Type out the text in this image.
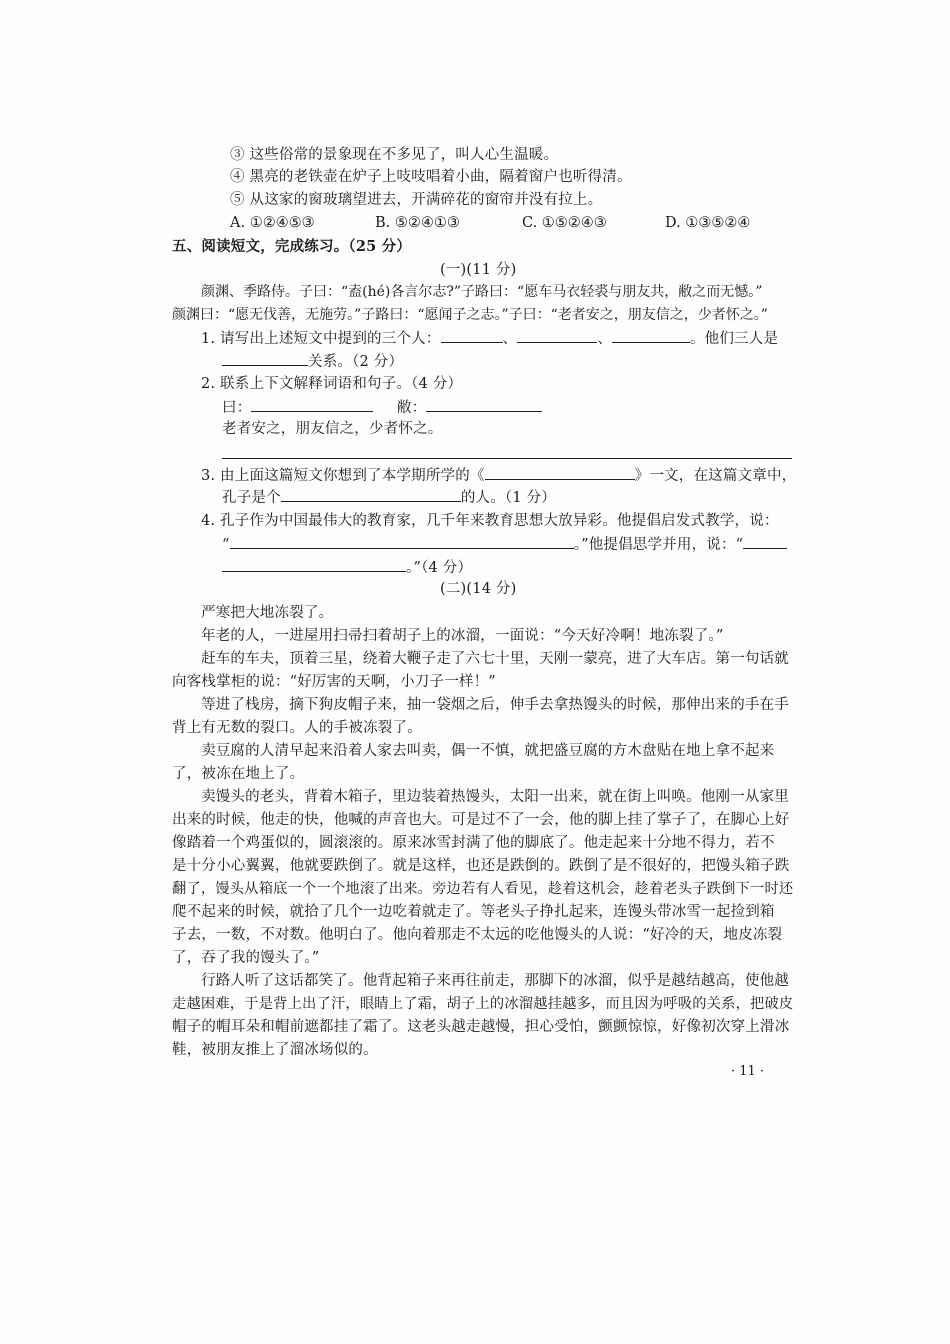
③ 这些俗常的景象现在不多见了，叫人心生温暖。
④ 黑亮的老铁壶在炉子上吱吱唱着小曲，隔着窗户也听得清。
⑤ 从这家的窗玻璃望进去，开满碎花的窗帘并没有拉上。
A. ①②④⑤③	B. ⑤②④①③	C. ①⑤②④③	D. ①③⑤②④
五、阅读短文，完成练习。（25 分）
(一)(11 分)
颜渊、季路侍。子曰：“盍(hé)各言尔志?”子路曰：“愿车马衣轻裘与朋友共，敝之而无憾。”
颜渊曰：“愿无伐善，无施劳。”子路曰：“愿闻子之志。”子曰：“老者安之，朋友信之，少者怀之。”
1. 请写出上述短文中提到的三个人：	、	、	。他们三人是
关系。（2 分）
2. 联系上下文解释词语和句子。（4 分）
曰：	敝：
老者安之，朋友信之，少者怀之。
3. 由上面这篇短文你想到了本学期所学的《	》一文，在这篇文章中，
孔子是个	的人。（1 分）
4. 孔子作为中国最伟大的教育家，几千年来教育思想大放异彩。他提倡启发式教学，说：
“	。”他提倡思学并用，说：“
。”（4 分）
(二)(14 分)
严寒把大地冻裂了。
年老的人，一进屋用扫帚扫着胡子上的冰溜，一面说：“今天好冷啊！地冻裂了。”
赶车的车夫，顶着三星，绕着大鞭子走了六七十里，天刚一蒙亮，进了大车店。第一句话就
向客栈掌柜的说：“好厉害的天啊，小刀子一样！”
等进了栈房，摘下狗皮帽子来，抽一袋烟之后，伸手去拿热馒头的时候，那伸出来的手在手
背上有无数的裂口。人的手被冻裂了。
卖豆腐的人清早起来沿着人家去叫卖，偶一不慎，就把盛豆腐的方木盘贴在地上拿不起来
了，被冻在地上了。
卖馒头的老头，背着木箱子，里边装着热馒头，太阳一出来，就在街上叫唤。他刚一从家里
出来的时候，他走的快，他喊的声音也大。可是过不了一会，他的脚上挂了掌子了，在脚心上好
像踏着一个鸡蛋似的，圆滚滚的。原来冰雪封满了他的脚底了。他走起来十分地不得力，若不
是十分小心翼翼，他就要跌倒了。就是这样，也还是跌倒的。跌倒了是不很好的，把馒头箱子跌
翻了，馒头从箱底一个一个地滚了出来。旁边若有人看见，趁着这机会，趁着老头子跌倒下一时还
爬不起来的时候，就拾了几个一边吃着就走了。等老头子挣扎起来，连馒头带冰雪一起捡到箱
子去，一数，不对数。他明白了。他向着那走不太远的吃他馒头的人说：“好冷的天，地皮冻裂
了，吞了我的馒头了。”
行路人听了这话都笑了。他背起箱子来再往前走，那脚下的冰溜，似乎是越结越高，使他越
走越困难，于是背上出了汗，眼睛上了霜，胡子上的冰溜越挂越多，而且因为呼吸的关系，把破皮
帽子的帽耳朵和帽前遮都挂了霜了。这老头越走越慢，担心受怕，颤颤惊惊，好像初次穿上滑冰
鞋，被朋友推上了溜冰场似的。
· 11 ·
